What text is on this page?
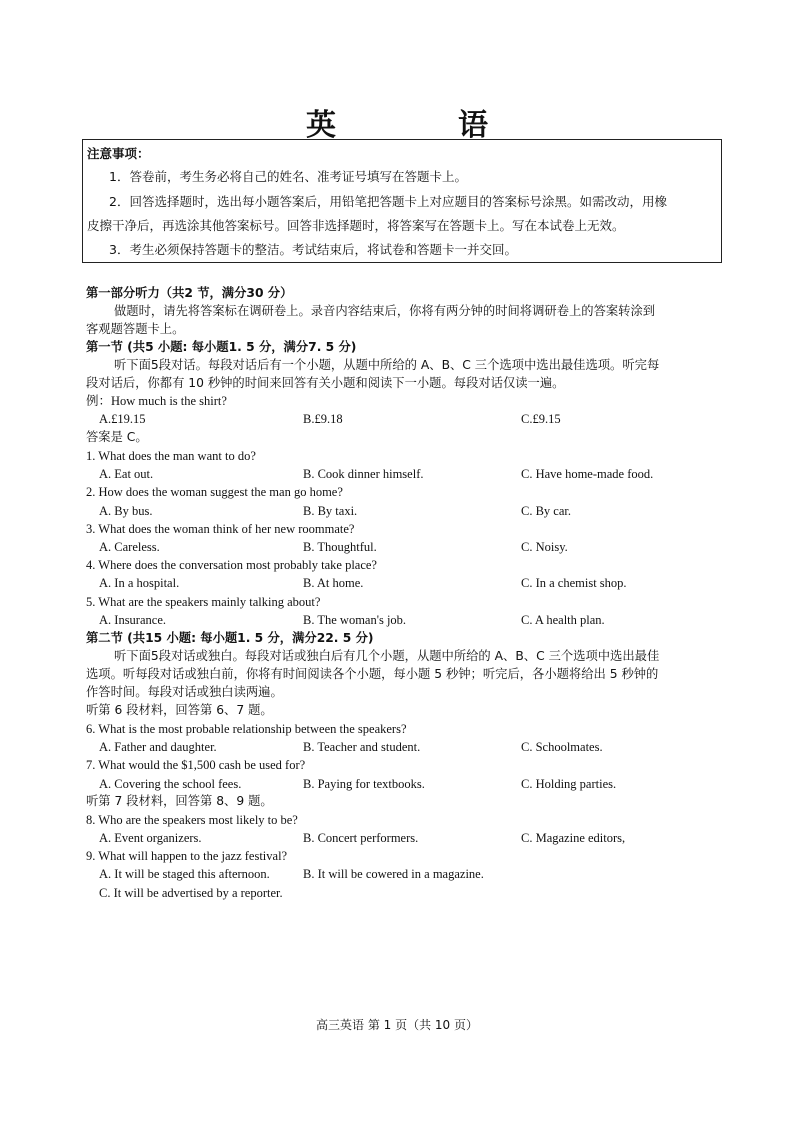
英　语
注意事项：
1．答卷前，考生务必将自己的姓名、准考证号填写在答题卡上。
2．回答选择题时，选出每小题答案后，用铅笔把答题卡上对应题目的答案标号涂黑。如需改动，用橡
皮擦干净后，再选涂其他答案标号。回答非选择题时，将答案写在答题卡上。写在本试卷上无效。
3．考生必须保持答题卡的整洁。考试结束后，将试卷和答题卡一并交回。
第一部分听力（共2 节，满分30 分）
做题时，请先将答案标在调研卷上。录音内容结束后，你将有两分钟的时间将调研卷上的答案转涂到
客观题答题卡上。
第一节 (共5 小题: 每小题1. 5 分，满分7. 5 分)
听下面5段对话。每段对话后有一个小题，从题中所给的 A、B、C 三个选项中选出最佳选项。听完每
段对话后，你都有 10 秒钟的时间来回答有关小题和阅读下一小题。每段对话仅读一遍。
例：How much is the shirt?
A.£19.15	B.£9.18	C.£9.15
答案是 C。
1. What does the man want to do?
A. Eat out.	B. Cook dinner himself.	C. Have home-made food.
2. How does the woman suggest the man go home?
A. By bus.	B. By taxi.	C. By car.
3. What does the woman think of her new roommate?
A. Careless.	B. Thoughtful.	C. Noisy.
4. Where does the conversation most probably take place?
A. In a hospital.	B. At home.	C. In a chemist shop.
5. What are the speakers mainly talking about?
A. Insurance.	B. The woman's job.	C. A health plan.
第二节 (共15 小题: 每小题1. 5 分，满分22. 5 分)
听下面5段对话或独白。每段对话或独白后有几个小题，从题中所给的 A、B、C 三个选项中选出最佳
选项。听每段对话或独白前，你将有时间阅读各个小题，每小题 5 秒钟；听完后，各小题将给出 5 秒钟的
作答时间。每段对话或独白读两遍。
听第 6 段材料，回答第 6、7 题。
6. What is the most probable relationship between the speakers?
A. Father and daughter.	B. Teacher and student.	C. Schoolmates.
7. What would the $1,500 cash be used for?
A. Covering the school fees.	B. Paying for textbooks.	C. Holding parties.
听第 7 段材料，回答第 8、9 题。
8. Who are the speakers most likely to be?
A. Event organizers.	B. Concert performers.	C. Magazine editors,
9. What will happen to the jazz festival?
A. It will be staged this afternoon.	B. It will be cowered in a magazine.
C. It will be advertised by a reporter.
高三英语 第 1 页（共 10 页）
